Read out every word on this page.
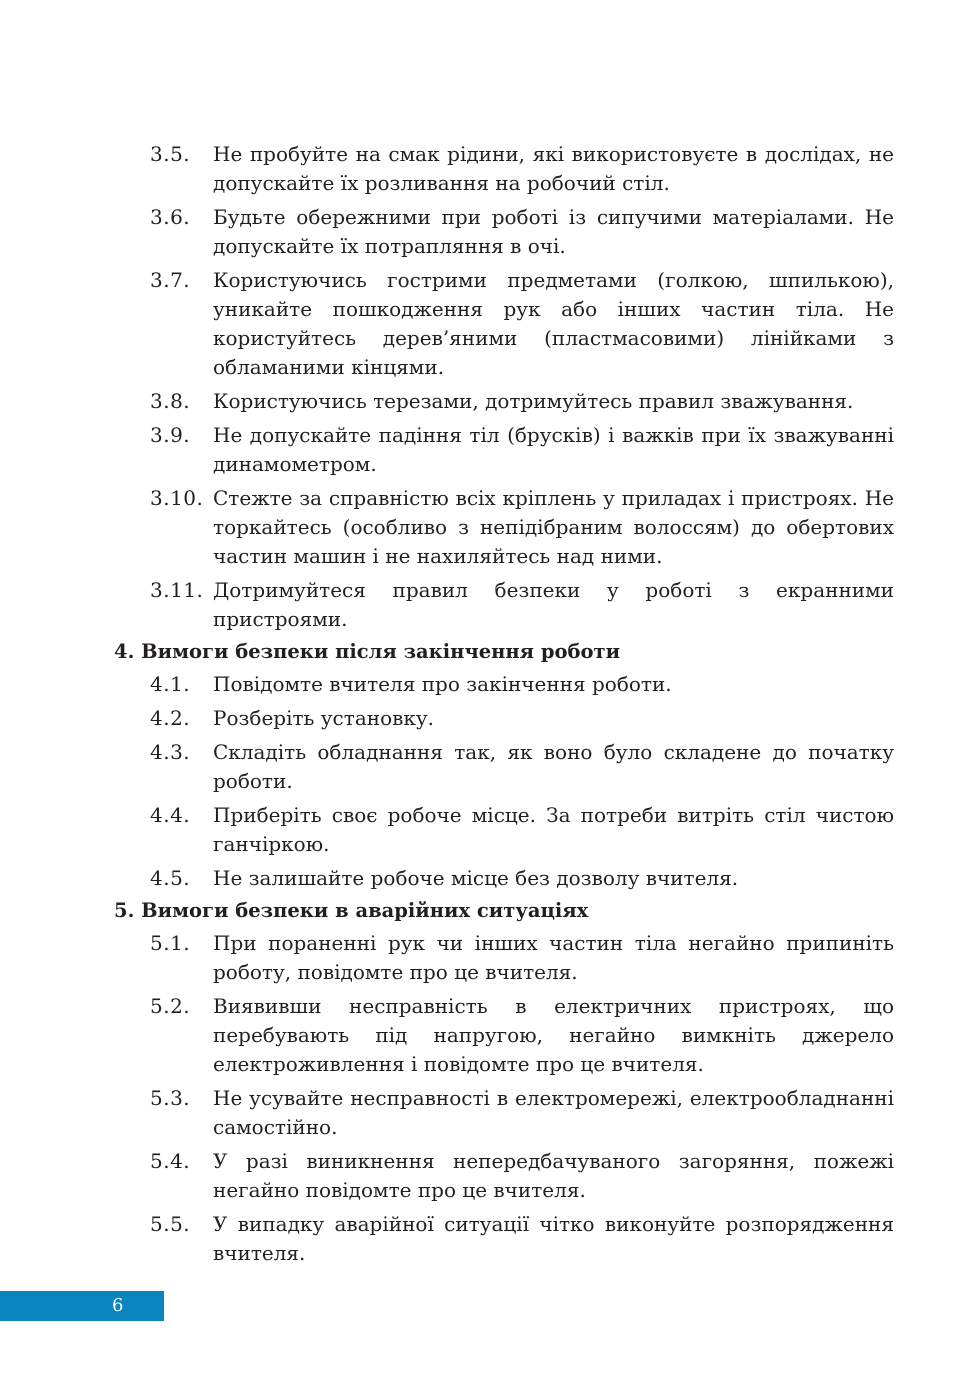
3.5.	Не пробуйте на смак рідини, які використовуєте в дослідах, не допускайте їх розливання на робочий стіл.
3.6.	Будьте обережними при роботі із сипучими матеріалами. Не допускайте їх потрапляння в очі.
3.7.	Користуючись гострими предметами (голкою, шпилькою), уникайте пошкодження рук або інших частин тіла. Не користуйтесь дерев’яними (пластмасовими) лінійками з обламаними кінцями.
3.8.	Користуючись терезами, дотримуйтесь правил зважування.
3.9.	Не допускайте падіння тіл (брусків) і важків при їх зважуванні динамометром.
3.10. Стежте за справністю всіх кріплень у приладах і пристроях. Не торкайтесь (особливо з непідібраним волоссям) до обертових частин машин і не нахиляйтесь над ними.
3.11. Дотримуйтеся правил безпеки у роботі з екранними пристроями.
4. Вимоги безпеки після закінчення роботи
4.1.	Повідомте вчителя про закінчення роботи.
4.2.	Розберіть установку.
4.3.	Складіть обладнання так, як воно було складене до початку роботи.
4.4.	Приберіть своє робоче місце. За потреби витріть стіл чистою ганчіркою.
4.5.	Не залишайте робоче місце без дозволу вчителя.
5. Вимоги безпеки в аварійних ситуаціях
5.1.	При пораненні рук чи інших частин тіла негайно припиніть роботу, повідомте про це вчителя.
5.2.	Виявивши несправність в електричних пристроях, що перебувають під напругою, негайно вимкніть джерело електроживлення і повідомте про це вчителя.
5.3.	Не усувайте несправності в електромережі, електрообладнанні самостійно.
5.4.	У разі виникнення непередбачуваного загоряння, пожежі негайно повідомте про це вчителя.
5.5.	У випадку аварійної ситуації чітко виконуйте розпорядження вчителя.
6
